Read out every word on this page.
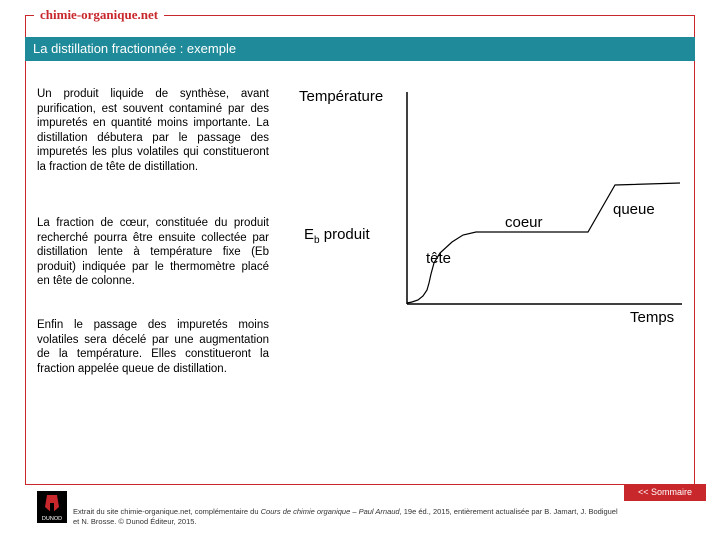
chimie-organique.net
La distillation fractionnée : exemple

Un produit liquide de synthèse, avant purification, est souvent contaminé par des impuretés en quantité moins importante. La distillation débutera par le passage des impuretés les plus volatiles qui constitueront la fraction de tête de distillation.

La fraction de cœur, constituée du produit recherché pourra être ensuite collectée par distillation lente à température fixe (Eb produit) indiquée par le thermomètre placé en tête de colonne.

Enfin le passage des impuretés moins volatiles sera décelé par une augmentation de la température. Elles constitueront la fraction appelée queue de distillation.

Température
Temps
$E_b$ produit
tête
coeur
queue
<< Sommaire
DUNOD
Extrait du site chimie-organique.net, complémentaire du Cours de chimie organique – Paul Arnaud, 19e éd., 2015, entièrement actualisée par B. Jamart, J. Bodiguel
et N. Brosse. © Dunod Éditeur, 2015.
